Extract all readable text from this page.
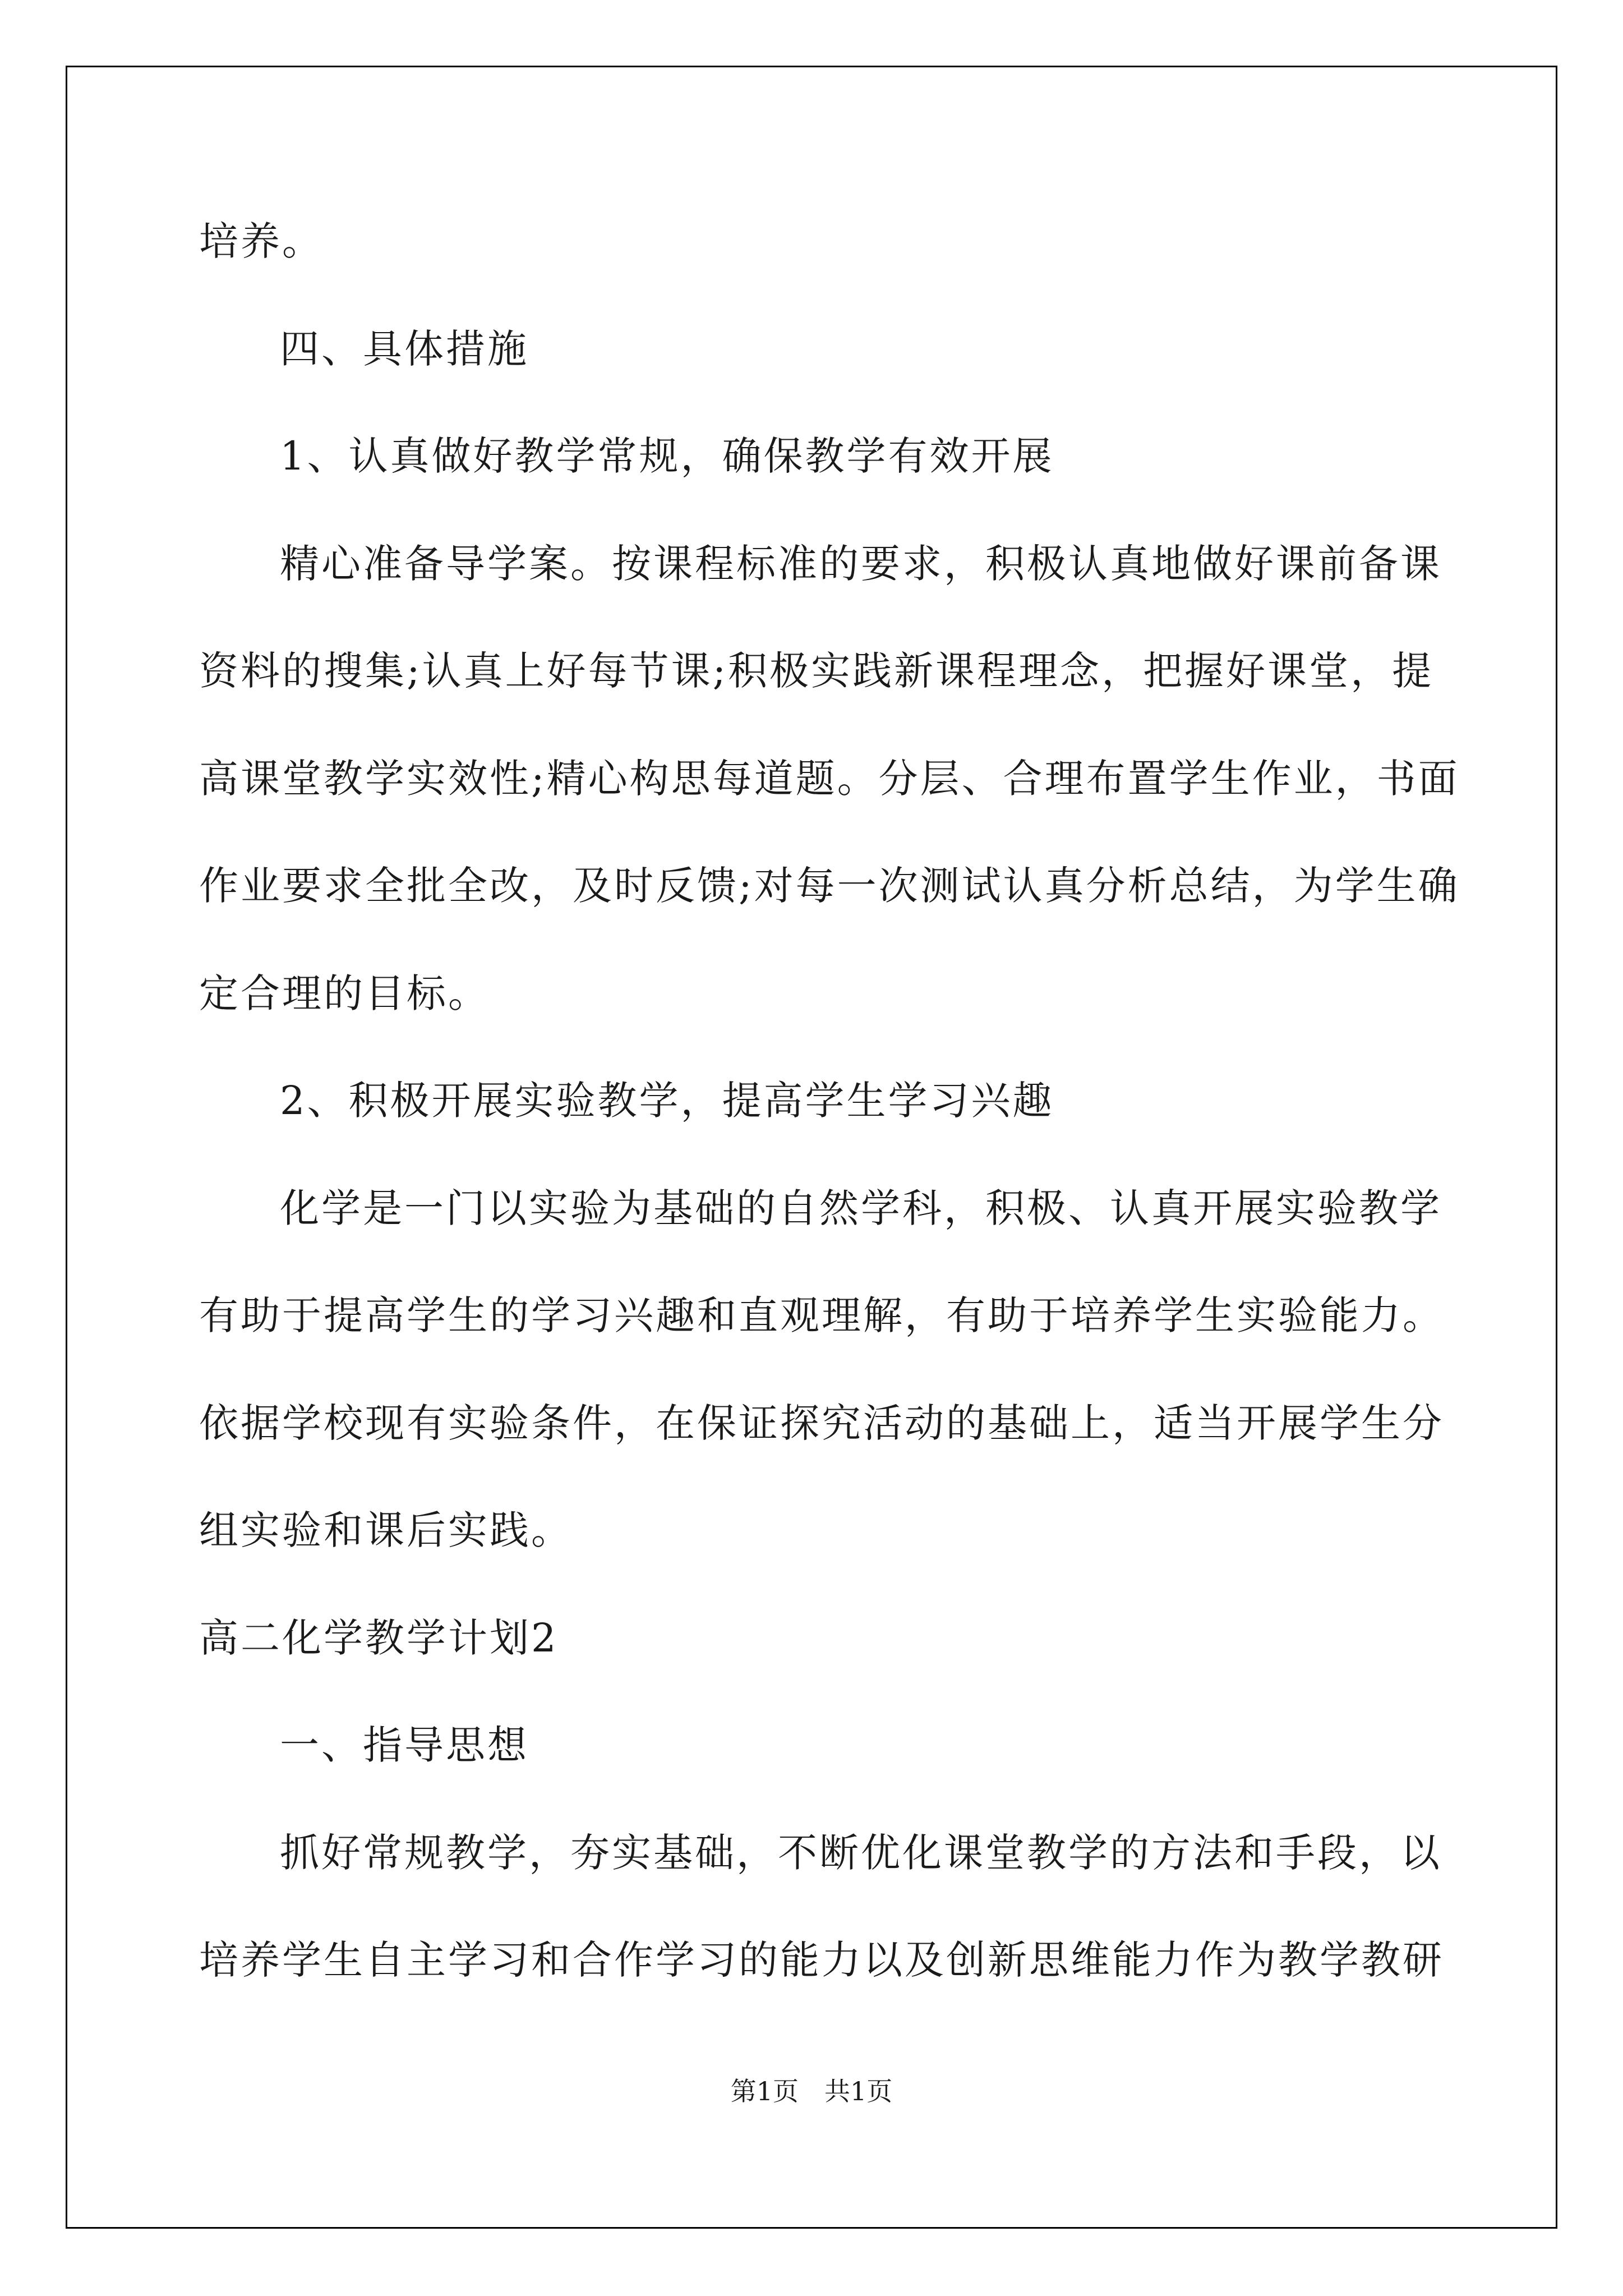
培养。
四、具体措施
1、认真做好教学常规，确保教学有效开展
精心准备导学案。按课程标准的要求，积极认真地做好课前备课
资料的搜集;认真上好每节课;积极实践新课程理念，把握好课堂，提
高课堂教学实效性;精心构思每道题。分层、合理布置学生作业，书面
作业要求全批全改，及时反馈;对每一次测试认真分析总结，为学生确
定合理的目标。
2、积极开展实验教学，提高学生学习兴趣
化学是一门以实验为基础的自然学科，积极、认真开展实验教学
有助于提高学生的学习兴趣和直观理解，有助于培养学生实验能力。
依据学校现有实验条件，在保证探究活动的基础上，适当开展学生分
组实验和课后实践。
高二化学教学计划2
一、指导思想
抓好常规教学，夯实基础，不断优化课堂教学的方法和手段，以
培养学生自主学习和合作学习的能力以及创新思维能力作为教学教研
第1页　共1页
